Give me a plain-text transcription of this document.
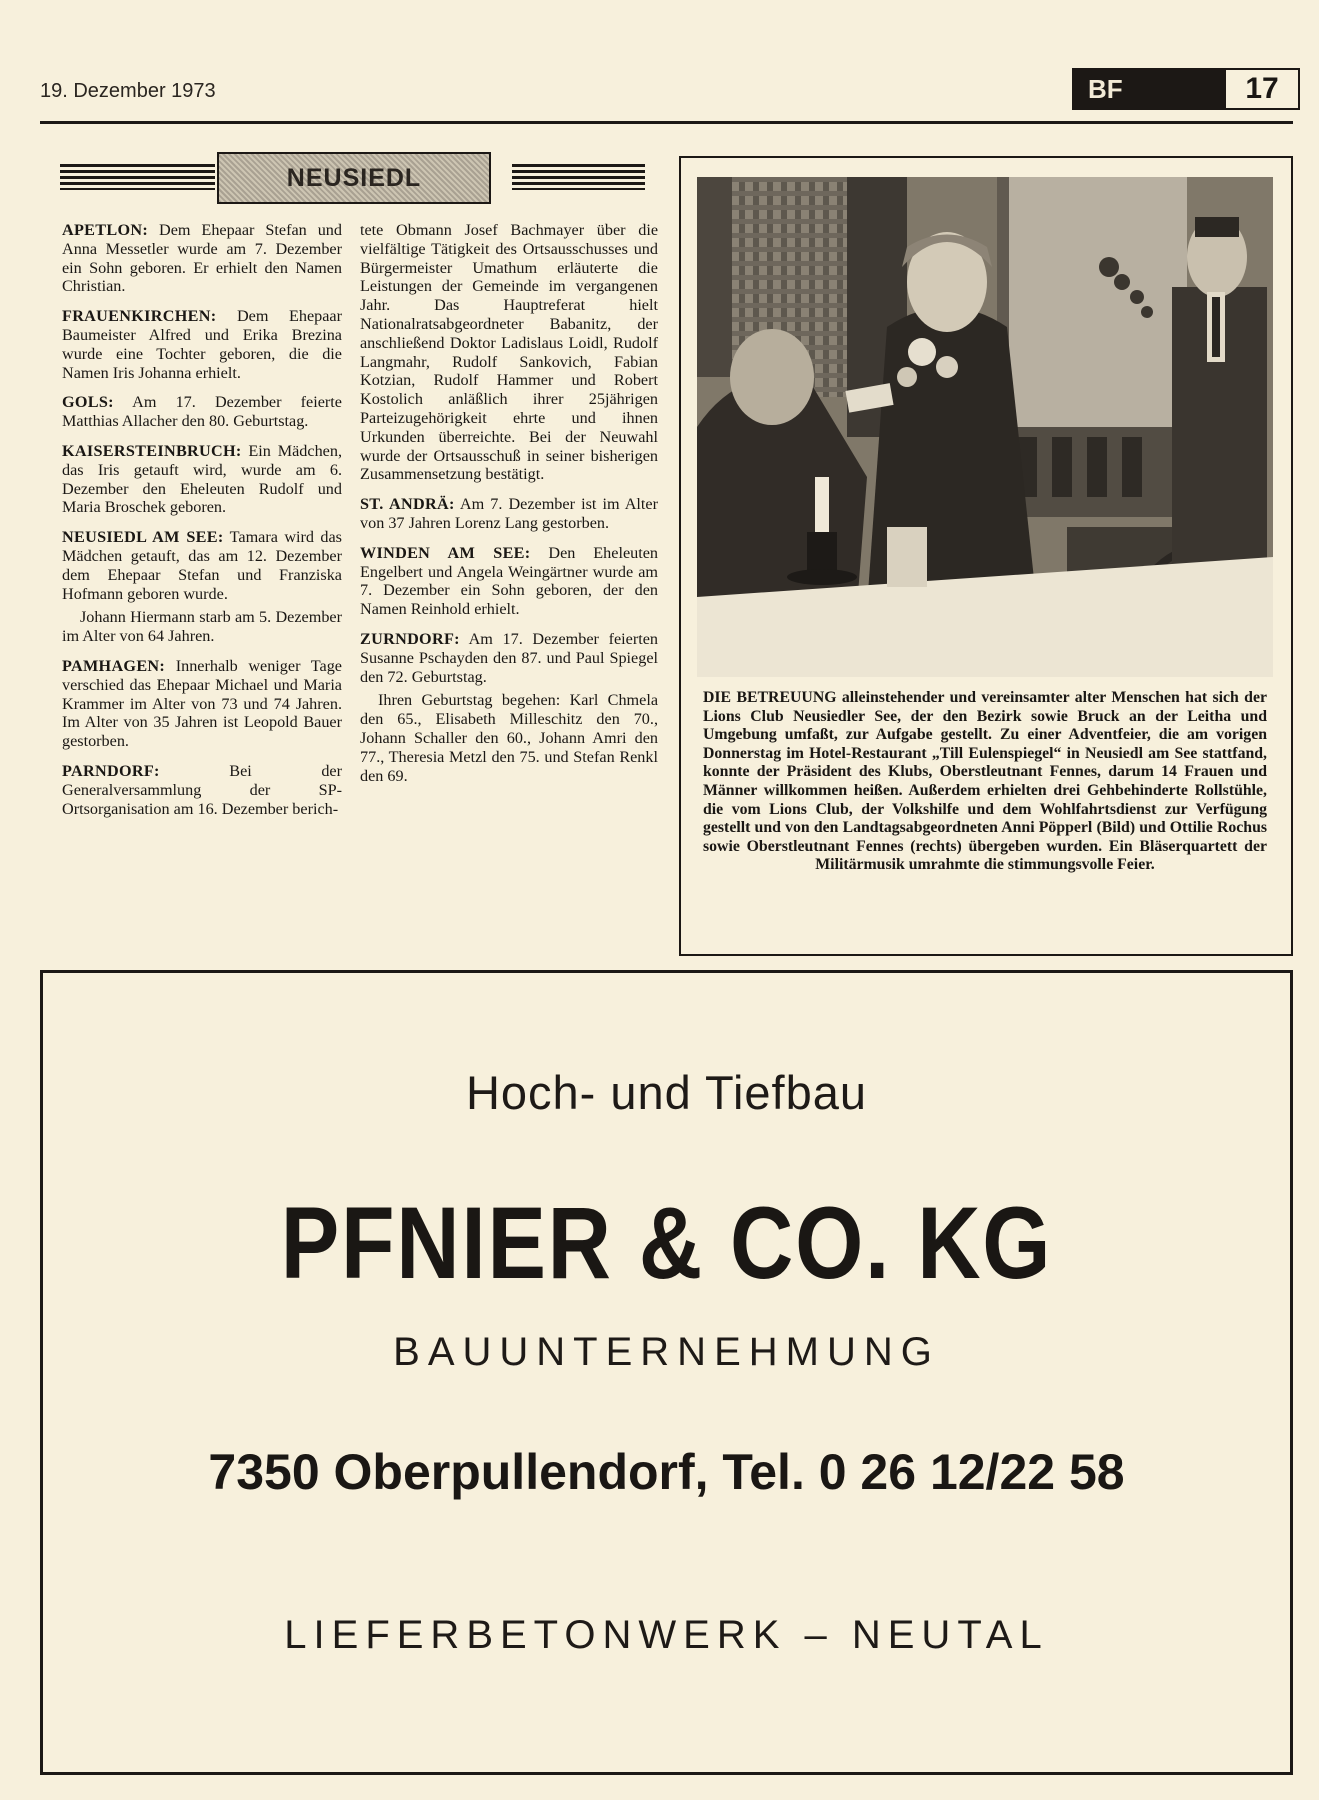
19. Dezember 1973	BF	17
NEUSIEDL

APETLON: Dem Ehepaar Stefan und Anna Messetler wurde am 7. Dezember ein Sohn geboren. Er erhielt den Namen Christian.

FRAUENKIRCHEN: Dem Ehepaar Baumeister Alfred und Erika Brezina wurde eine Tochter geboren, die die Namen Iris Johanna erhielt.

GOLS: Am 17. Dezember feierte Matthias Allacher den 80. Geburtstag.

KAISERSTEINBRUCH: Ein Mädchen, das Iris getauft wird, wurde am 6. Dezember den Eheleuten Rudolf und Maria Broschek geboren.

NEUSIEDL AM SEE: Tamara wird das Mädchen getauft, das am 12. Dezember dem Ehepaar Stefan und Franziska Hofmann geboren wurde.

Johann Hiermann starb am 5. Dezember im Alter von 64 Jahren.

PAMHAGEN: Innerhalb weniger Tage verschied das Ehepaar Michael und Maria Krammer im Alter von 73 und 74 Jahren. Im Alter von 35 Jahren ist Leopold Bauer gestorben.

PARNDORF: Bei der Generalversammlung der SP-Ortsorganisation am 16. Dezember berich-

tete Obmann Josef Bachmayer über die vielfältige Tätigkeit des Ortsausschusses und Bürgermeister Umathum erläuterte die Leistungen der Gemeinde im vergangenen Jahr. Das Hauptreferat hielt Nationalratsabgeordneter Babanitz, der anschließend Doktor Ladislaus Loidl, Rudolf Langmahr, Rudolf Sankovich, Fabian Kotzian, Rudolf Hammer und Robert Kostolich anläßlich ihrer 25jährigen Parteizugehörigkeit ehrte und ihnen Urkunden überreichte. Bei der Neuwahl wurde der Ortsausschuß in seiner bisherigen Zusammensetzung bestätigt.

ST. ANDRÄ: Am 7. Dezember ist im Alter von 37 Jahren Lorenz Lang gestorben.

WINDEN AM SEE: Den Eheleuten Engelbert und Angela Weingärtner wurde am 7. Dezember ein Sohn geboren, der den Namen Reinhold erhielt.

ZURNDORF: Am 17. Dezember feierten Susanne Pschayden den 87. und Paul Spiegel den 72. Geburtstag.

Ihren Geburtstag begehen: Karl Chmela den 65., Elisabeth Milleschitz den 70., Johann Schaller den 60., Johann Amri den 77., Theresia Metzl den 75. und Stefan Renkl den 69.

DIE BETREUUNG alleinstehender und vereinsamter alter Menschen hat sich der Lions Club Neusiedler See, der den Bezirk sowie Bruck an der Leitha und Umgebung umfaßt, zur Aufgabe gestellt. Zu einer Adventfeier, die am vorigen Donnerstag im Hotel-Restaurant „Till Eulenspiegel“ in Neusiedl am See stattfand, konnte der Präsident des Klubs, Oberstleutnant Fennes, darum 14 Frauen und Männer willkommen heißen. Außerdem erhielten drei Gehbehinderte Rollstühle, die vom Lions Club, der Volkshilfe und dem Wohlfahrtsdienst zur Verfügung gestellt und von den Landtagsabgeordneten Anni Pöpperl (Bild) und Ottilie Rochus sowie Oberstleutnant Fennes (rechts) übergeben wurden. Ein Bläserquartett der Militärmusik umrahmte die stimmungsvolle Feier.
Hoch- und Tiefbau
PFNIER & CO. KG
BAUUNTERNEHMUNG
7350 Oberpullendorf, Tel. 0 26 12/22 58
LIEFERBETONWERK – NEUTAL
